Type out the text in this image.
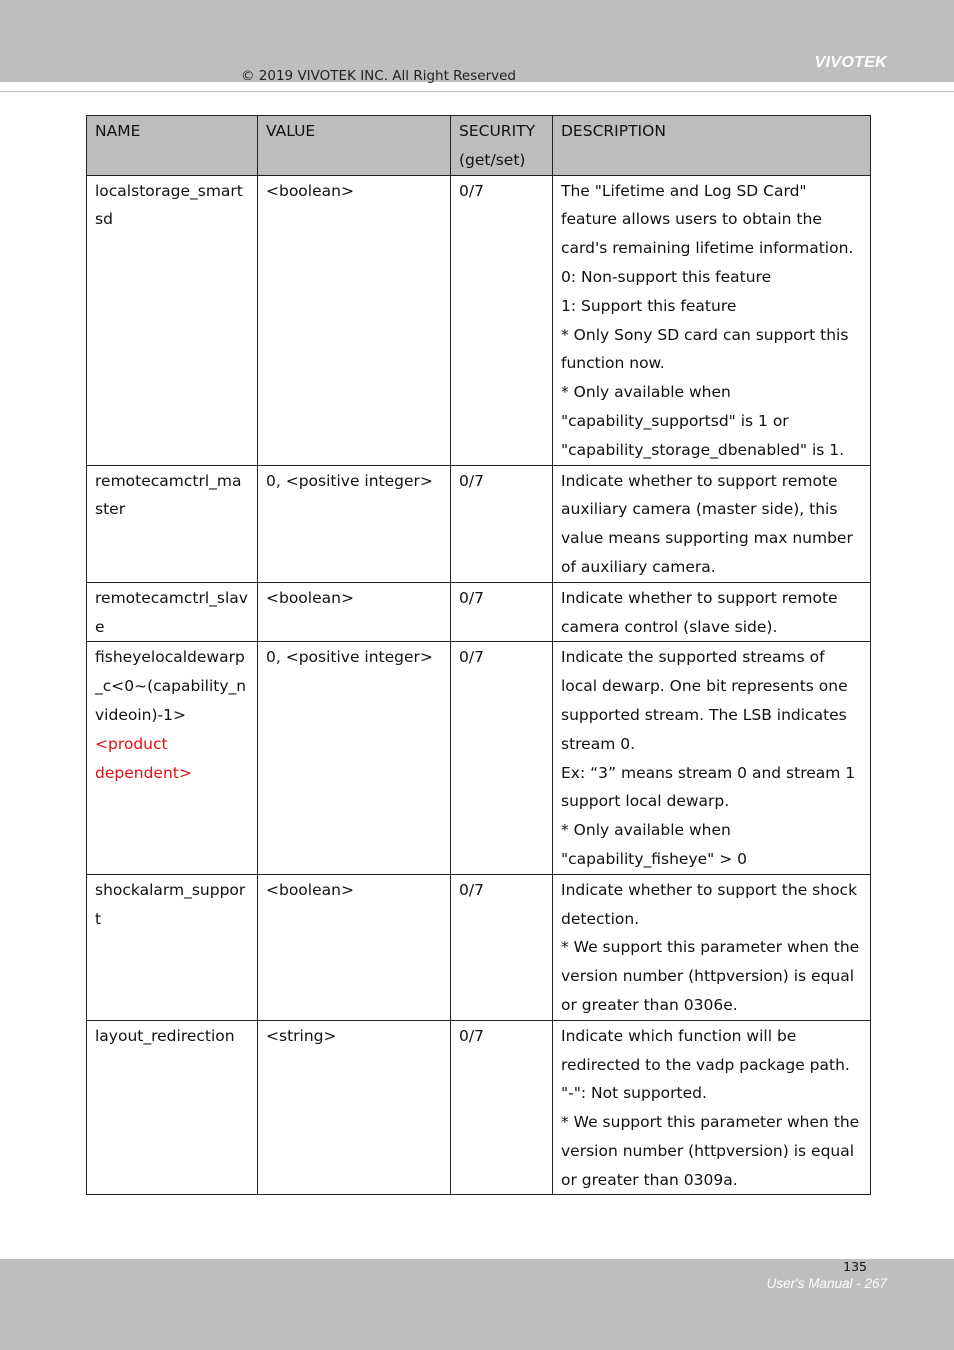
VIVOTEK
© 2019 VIVOTEK INC. All Right Reserved
NAME	VALUE	SECURITY (get/set)	DESCRIPTION
localstorage_smartsd	<boolean>	0/7	The "Lifetime and Log SD Card" feature allows users to obtain the card's remaining lifetime information.
0: Non-support this feature
1: Support this feature
* Only Sony SD card can support this function now.
* Only available when "capability_supportsd" is 1 or "capability_storage_dbenabled" is 1.

remotecamctrl_master	0, <positive integer>	0/7	Indicate whether to support remote auxiliary camera (master side), this value means supporting max number of auxiliary camera.

remotecamctrl_slave	<boolean>	0/7	Indicate whether to support remote camera control (slave side).

fisheyelocaldewarp_c<0~(capability_nvideoin)-1>
<product dependent>	0, <positive integer>	0/7	Indicate the supported streams of local dewarp. One bit represents one supported stream. The LSB indicates stream 0.
Ex: “3” means stream 0 and stream 1 support local dewarp.
* Only available when "capability_fisheye" > 0

shockalarm_support	<boolean>	0/7	Indicate whether to support the shock detection.
* We support this parameter when the version number (httpversion) is equal or greater than 0306e.

layout_redirection	<string>	0/7	Indicate which function will be redirected to the vadp package path.
"-": Not supported.
* We support this parameter when the version number (httpversion) is equal or greater than 0309a.
135
User's Manual - 267
